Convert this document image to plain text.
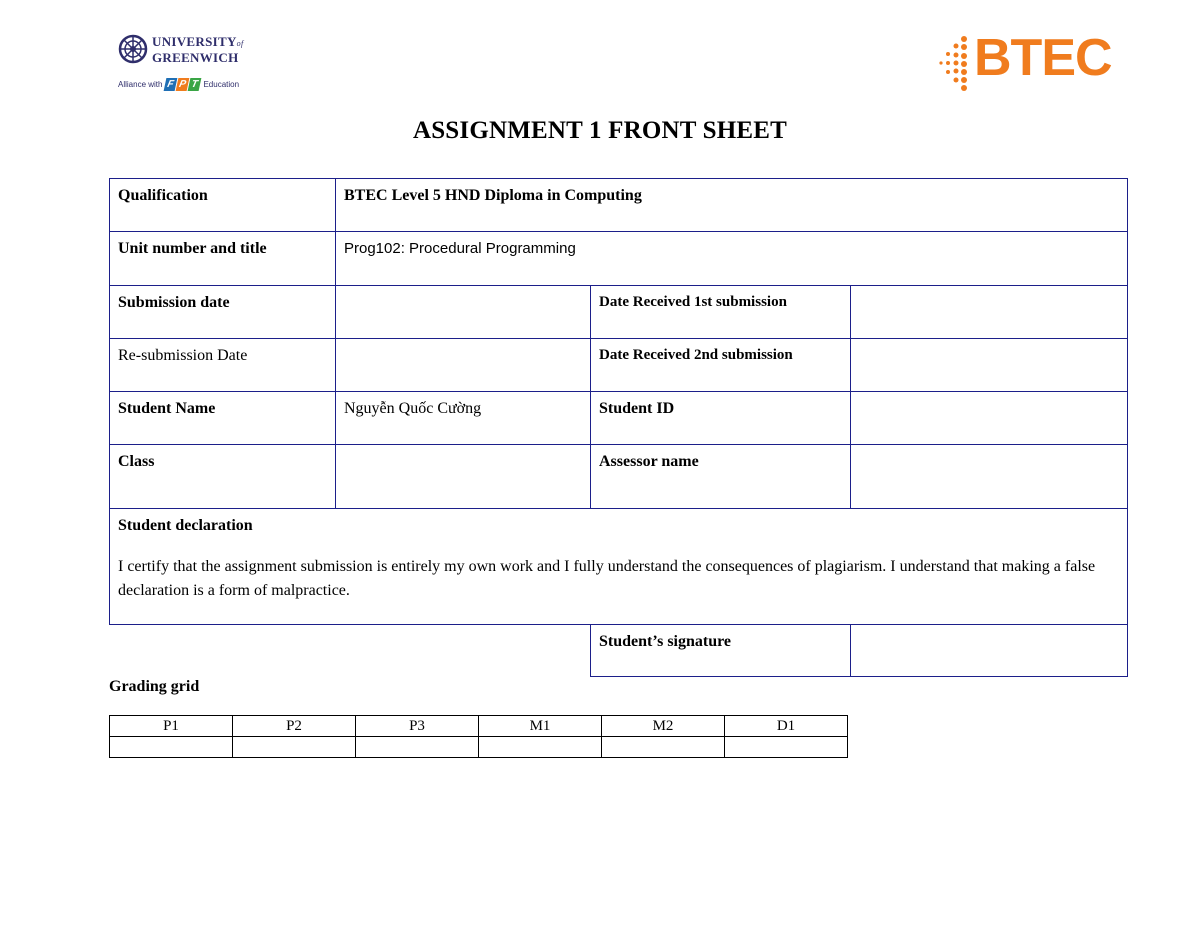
UNIVERSITYof
GREENWICH
Alliance with F P T Education	BTEC
ASSIGNMENT 1 FRONT SHEET
Qualification	BTEC Level 5 HND Diploma in Computing		
Unit number and title	Prog102: Procedural Programming		
Submission date		Date Received 1st submission	
Re-submission Date		Date Received 2nd submission	
Student Name	Nguyễn Quốc Cường	Student ID	
Class		Assessor name	

Student declaration
I certify that the assignment submission is entirely my own work and I fully understand the consequences of plagiarism. I understand that making a false declaration is a form of malpractice.			

		Student’s signature	
Grading grid
P1	P2	P3	M1	M2	D1
